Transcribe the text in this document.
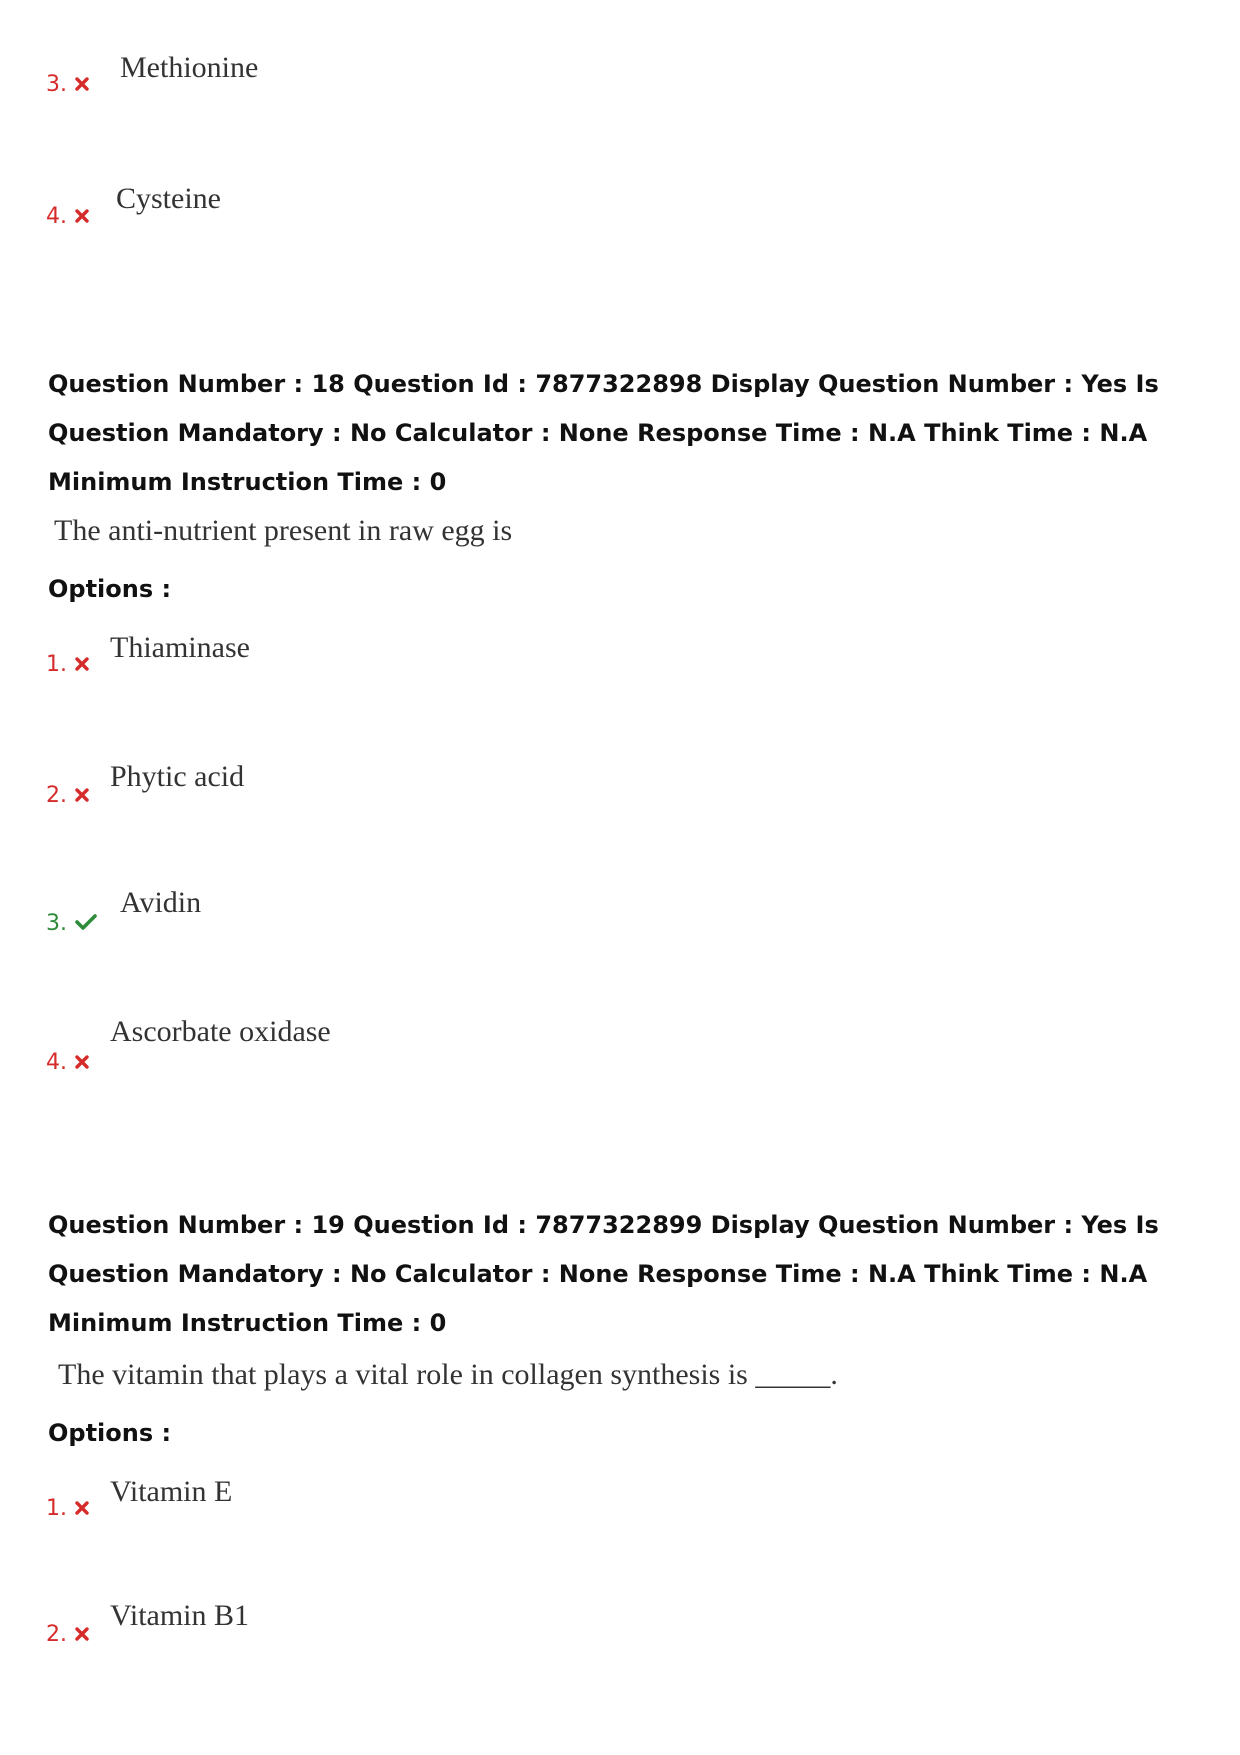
3.
Methionine
4.
Cysteine

Question Number : 18 Question Id : 7877322898 Display Question Number : Yes Is Question Mandatory : No Calculator : None Response Time : N.A Think Time : N.A Minimum Instruction Time : 0

The anti-nutrient present in raw egg is
Options :
1.
Thiaminase
2.
Phytic acid
3.
Avidin
4.
Ascorbate oxidase

Question Number : 19 Question Id : 7877322899 Display Question Number : Yes Is Question Mandatory : No Calculator : None Response Time : N.A Think Time : N.A Minimum Instruction Time : 0

The vitamin that plays a vital role in collagen synthesis is _____.
Options :
1.
Vitamin E
2.
Vitamin B1
